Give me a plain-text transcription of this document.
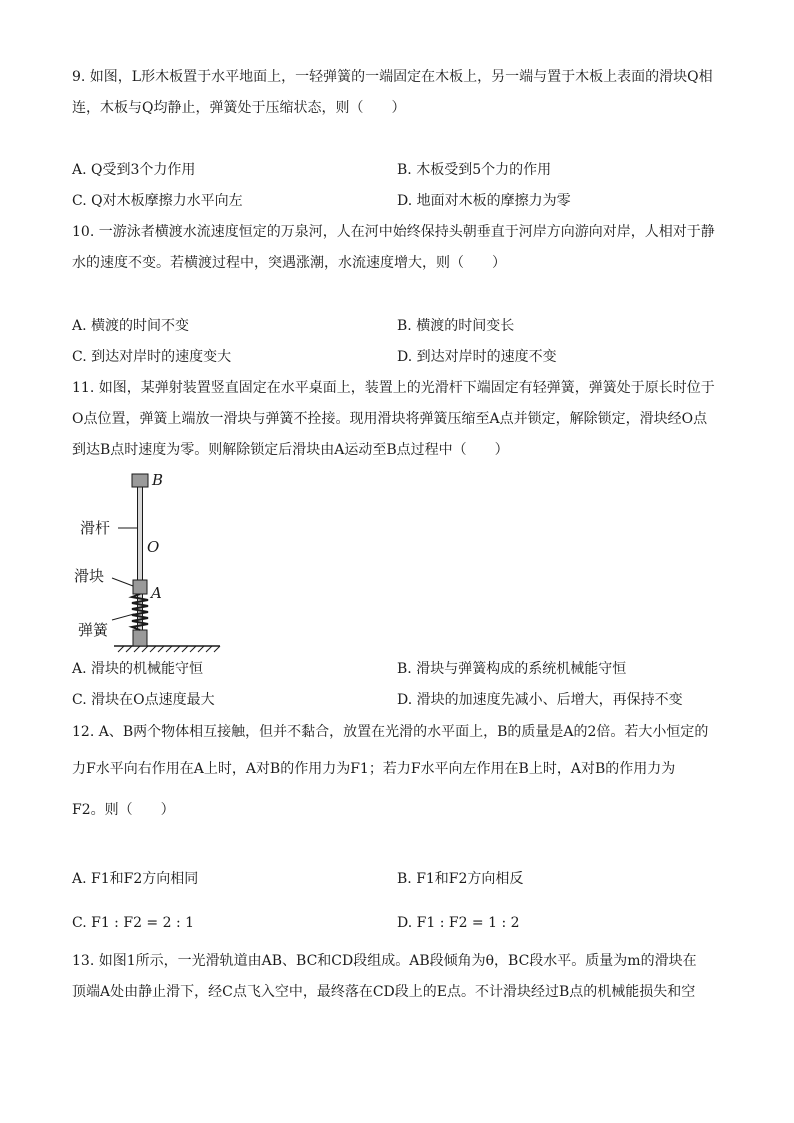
9. 如图，L形木板置于水平地面上，一轻弹簧的一端固定在木板上，另一端与置于木板上表面的滑块Q相
连，木板与Q均静止，弹簧处于压缩状态，则（　　）
A. Q受到3个力作用	B. 木板受到5个力的作用
C. Q对木板摩擦力水平向左	D. 地面对木板的摩擦力为零
10. 一游泳者横渡水流速度恒定的万泉河，人在河中始终保持头朝垂直于河岸方向游向对岸，人相对于静
水的速度不变。若横渡过程中，突遇涨潮，水流速度增大，则（　　）
A. 横渡的时间不变	B. 横渡的时间变长
C. 到达对岸时的速度变大	D. 到达对岸时的速度不变
11. 如图，某弹射装置竖直固定在水平桌面上，装置上的光滑杆下端固定有轻弹簧，弹簧处于原长时位于
O点位置，弹簧上端放一滑块与弹簧不拴接。现用滑块将弹簧压缩至A点并锁定，解除锁定，滑块经O点
到达B点时速度为零。则解除锁定后滑块由A运动至B点过程中（　　）
滑杆
滑块
弹簧
B
O
A
A. 滑块的机械能守恒	B. 滑块与弹簧构成的系统机械能守恒
C. 滑块在O点速度最大	D. 滑块的加速度先减小、后增大，再保持不变
12. A、B两个物体相互接触，但并不黏合，放置在光滑的水平面上，B的质量是A的2倍。若大小恒定的
力F水平向右作用在A上时，A对B的作用力为F1；若力F水平向左作用在B上时，A对B的作用力为
F2。则（　　）
A. F1和F2方向相同	B. F1和F2方向相反
C. F1 : F2 = 2 : 1	D. F1 : F2 = 1 : 2
13. 如图1所示，一光滑轨道由AB、BC和CD段组成。AB段倾角为θ，BC段水平。质量为m的滑块在
顶端A处由静止滑下，经C点飞入空中，最终落在CD段上的E点。不计滑块经过B点的机械能损失和空
